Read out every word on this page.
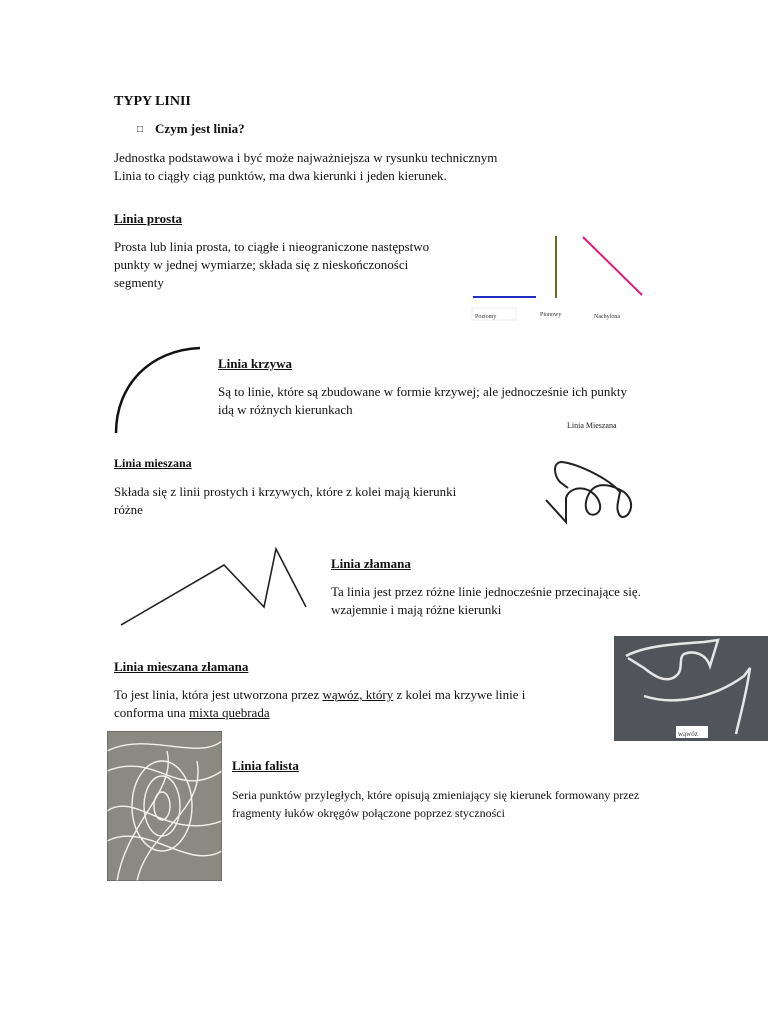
TYPY LINII
□ Czym jest linia?
Jednostka podstawowa i być może najważniejsza w rysunku technicznym
Linia to ciągły ciąg punktów, ma dwa kierunki i jeden kierunek.
Linia prosta
Prosta lub linia prosta, to ciągłe i nieograniczone następstwo
punkty w jednej wymiarze; składa się z nieskończoności
segmenty
Poziomy	Pionowy	Nachylona
Linia krzywa
Są to linie, które są zbudowane w formie krzywej; ale jednocześnie ich punkty
idą w różnych kierunkach
Linia Mieszana
Linia mieszana
Składa się z linii prostych i krzywych, które z kolei mają kierunki
różne
Linia złamana
Ta linia jest przez różne linie jednocześnie przecinające się.
wzajemnie i mają różne kierunki
Linia mieszana złamana
To jest linia, która jest utworzona przez wąwóz, który z kolei ma krzywe linie i
conforma una mixta quebrada
wąwóz
Linia falista
Seria punktów przyległych, które opisują zmieniający się kierunek formowany przez
fragmenty łuków okręgów połączone poprzez styczności
